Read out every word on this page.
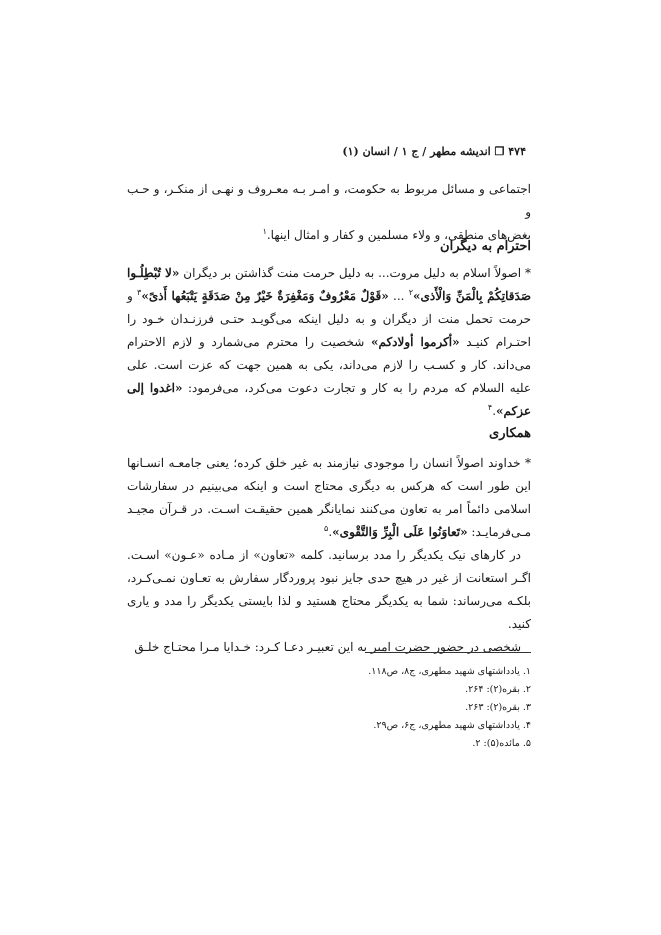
۴۷۴ ❐ اندیشه مطهر / ج ۱ / انسان (۱)

اجتماعی و مسائل مربوط به حکومت، و امـر بـه معـروف و نهـی از منکـر، و حـب و

بغض‌های منطقی، و ولاء مسلمین و کفار و امثال اینها.$^۱$

احترام به دیگران

* اصولاً اسلام به دلیل مروت... به دلیل حرمت منت گذاشتن بر دیگران «لا تُبْطِلُـوا صَدَقاتِکُمْ بِالْمَنِّ وَالْأَذی»$^۲$ ... «قَوْلٌ مَعْرُوفٌ وَمَغْفِرَةٌ خَيْرٌ مِنْ صَدَقَةٍ يَتْبَعُها أَذىً»$^۳$ و حرمت تحمل منت از دیگران و به دلیل اینکه می‌گویـد حتـی فرزنـدان خـود را احتـرام کنیـد «أکرموا أولادکم» شخصیت را محترم می‌شمارد و لازم الاحترام می‌داند. کار و کسـب را لازم می‌داند، یکی به همین جهت که عزت است. علی علیه السلام که مردم را به کار و تجارت دعوت می‌کرد، می‌فرمود: «اغدوا إلى عزکم».$^۴$

همکاری

* خداوند اصولاً انسان را موجودی نیازمند به غیر خلق کرده؛ یعنی جامعـه انسـانها این طور است که هرکس به دیگری محتاج است و اینکه می‌بینیم در سفارشات اسلامی دائماً امر به تعاون می‌کنند نمایانگر همین حقیقـت اسـت. در قـرآن مجیـد مـی‌فرمایـد: «تَعاوَنُوا عَلَى الْبِرِّ وَالتَّقْوى».$^۵$

در کارهای نیک یکدیگر را مدد برسانید. کلمه «تعاون» از مـاده «عـون» اسـت. اگـر استعانت از غیر در هیچ حدی جایز نبود پروردگار سفارش به تعـاون نمـی‌کـرد، بلکـه می‌رساند: شما به یکدیگر محتاج هستید و لذا بایستی یکدیگر را مدد و یاری کنید.

شخصی در حضور حضرت امیر به این تعبیـر دعـا کـرد: خـدایا مـرا محتـاج خلـق

۱. یادداشتهای شهید مطهری، ج۸، ص۱۱۸.

۲. بقره(۲): ۲۶۴.

۳. بقره(۲): ۲۶۳.

۴. یادداشتهای شهید مطهری، ج۶، ص۲۹.

۵. مائده(۵): ۲.
